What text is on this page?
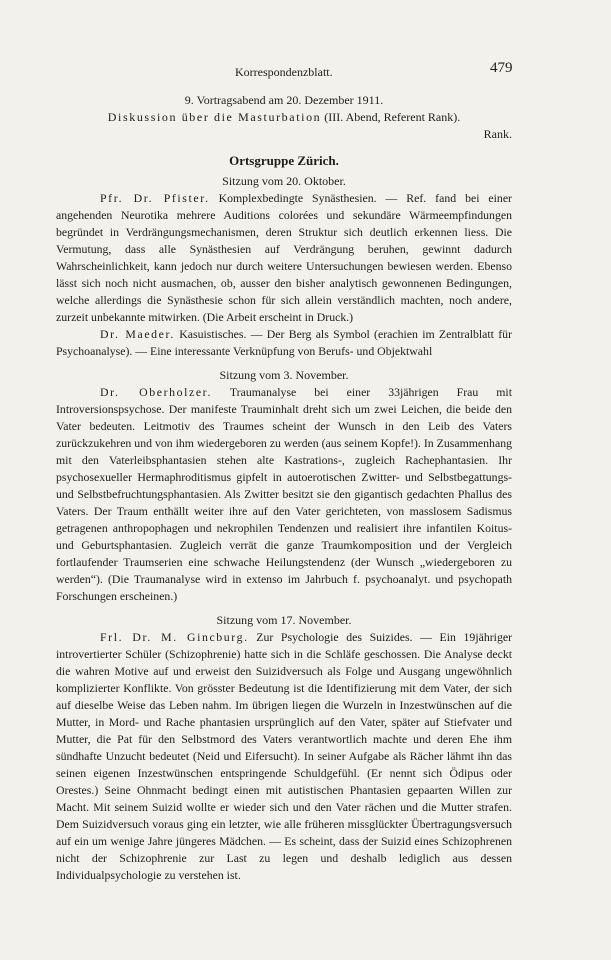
Korrespondenzblatt.	479

9. Vortragsabend am 20. Dezember 1911.

Diskussion über die Masturbation (III. Abend, Referent Rank).

Rank.

Ortsgruppe Zürich.

Sitzung vom 20. Oktober.

Pfr. Dr. Pfister. Komplexbedingte Synästhesien. — Ref. fand bei einer angehenden Neurotika mehrere Auditions colorées und sekundäre Wärmeempfindungen begründet in Verdrängungsmechanismen, deren Struktur sich deutlich erkennen liess. Die Vermutung, dass alle Synästhesien auf Verdrängung beruhen, gewinnt dadurch Wahrscheinlichkeit, kann jedoch nur durch weitere Untersuchungen bewiesen werden. Ebenso lässt sich noch nicht ausmachen, ob, ausser den bisher analytisch gewonnenen Bedingungen, welche allerdings die Synästhesie schon für sich allein verständlich machten, noch andere, zurzeit unbekannte mitwirken. (Die Arbeit erscheint in Druck.)

Dr. Maeder. Kasuistisches. — Der Berg als Symbol (erachien im Zentralblatt für Psychoanalyse). — Eine interessante Verknüpfung von Berufs- und Objektwahl

Sitzung vom 3. November.

Dr. Oberholzer. Traumanalyse bei einer 33jährigen Frau mit Introversionspsychose. Der manifeste Trauminhalt dreht sich um zwei Leichen, die beide den Vater bedeuten. Leitmotiv des Traumes scheint der Wunsch in den Leib des Vaters zurückzukehren und von ihm wiedergeboren zu werden (aus seinem Kopfe!). In Zusammenhang mit den Vaterleibsphantasien stehen alte Kastrations-, zugleich Rachephantasien. Ihr psychosexueller Hermaphroditismus gipfelt in autoerotischen Zwitter- und Selbstbegattungs- und Selbstbefruchtungsphantasien. Als Zwitter besitzt sie den gigantisch gedachten Phallus des Vaters. Der Traum enthällt weiter ihre auf den Vater gerichteten, von masslosem Sadismus getragenen anthropophagen und nekrophilen Tendenzen und realisiert ihre infantilen Koitus- und Geburtsphantasien. Zugleich verrät die ganze Traumkomposition und der Vergleich fortlaufender Traumserien eine schwache Heilungstendenz (der Wunsch „wiedergeboren zu werden“). (Die Traumanalyse wird in extenso im Jahrbuch f. psychoanalyt. und psychopath Forschungen erscheinen.)

Sitzung vom 17. November.

Frl. Dr. M. Gincburg. Zur Psychologie des Suizides. — Ein 19jähriger introvertierter Schüler (Schizophrenie) hatte sich in die Schläfe geschossen. Die Analyse deckt die wahren Motive auf und erweist den Suizidversuch als Folge und Ausgang ungewöhnlich komplizierter Konflikte. Von grösster Bedeutung ist die Identifizierung mit dem Vater, der sich auf dieselbe Weise das Leben nahm. Im übrigen liegen die Wurzeln in Inzestwünschen auf die Mutter, in Mord- und Rache phantasien ursprünglich auf den Vater, später auf Stiefvater und Mutter, die Pat für den Selbstmord des Vaters verantwortlich machte und deren Ehe ihm sündhafte Unzucht bedeutet (Neid und Eifersucht). In seiner Aufgabe als Rächer lähmt ihn das seinen eigenen Inzestwünschen entspringende Schuldgefühl. (Er nennt sich Ödipus oder Orestes.) Seine Ohnmacht bedingt einen mit autistischen Phantasien gepaarten Willen zur Macht. Mit seinem Suizid wollte er wieder sich und den Vater rächen und die Mutter strafen. Dem Suizidversuch voraus ging ein letzter, wie alle früheren missglückter Übertragungsversuch auf ein um wenige Jahre jüngeres Mädchen. — Es scheint, dass der Suizid eines Schizophrenen nicht der Schizophrenie zur Last zu legen und deshalb lediglich aus dessen Individualpsychologie zu verstehen ist.
